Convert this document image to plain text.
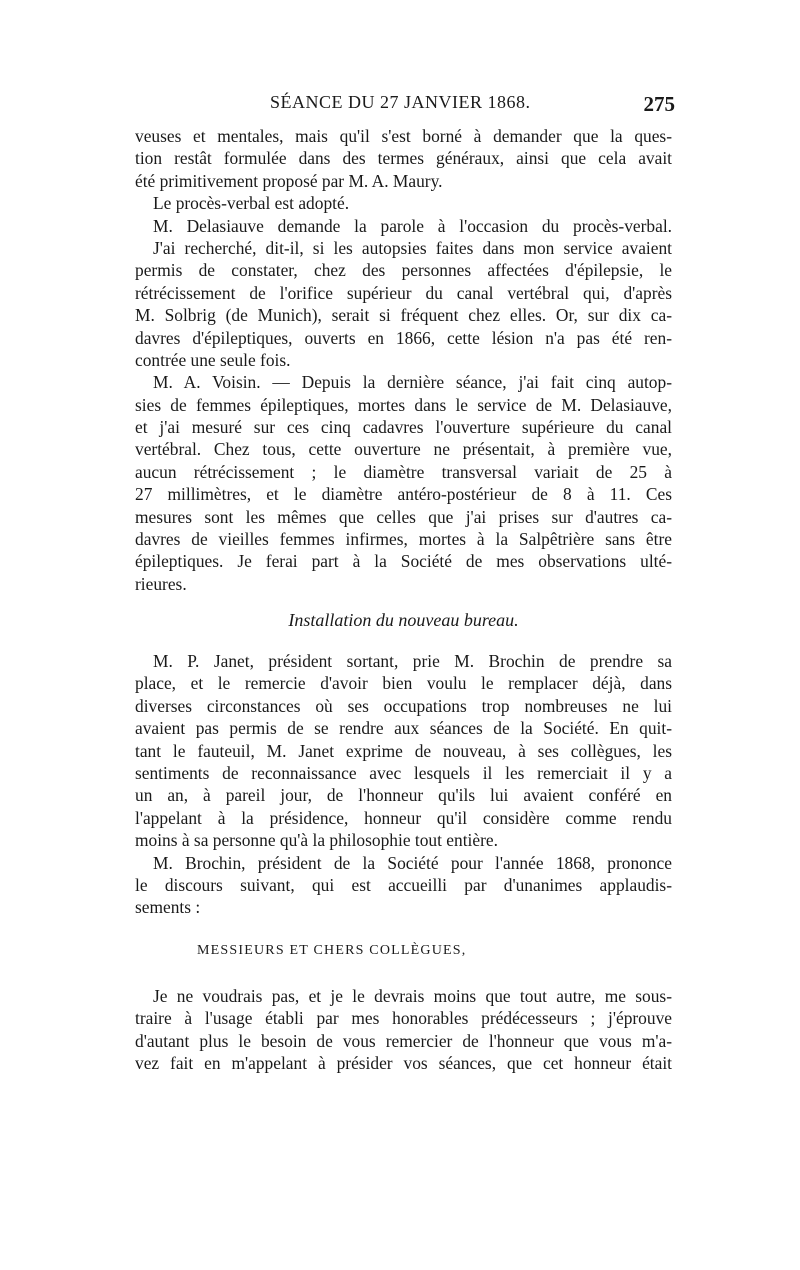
SÉANCE DU 27 JANVIER 1868.	275
veuses et mentales, mais qu'il s'est borné à demander que la ques-
tion restât formulée dans des termes généraux, ainsi que cela avait
été primitivement proposé par M. A. Maury.
Le procès-verbal est adopté.
M. Delasiauve demande la parole à l'occasion du procès-verbal.
J'ai recherché, dit-il, si les autopsies faites dans mon service avaient
permis de constater, chez des personnes affectées d'épilepsie, le
rétrécissement de l'orifice supérieur du canal vertébral qui, d'après
M. Solbrig (de Munich), serait si fréquent chez elles. Or, sur dix ca-
davres d'épileptiques, ouverts en 1866, cette lésion n'a pas été ren-
contrée une seule fois.
M. A. Voisin. — Depuis la dernière séance, j'ai fait cinq autop-
sies de femmes épileptiques, mortes dans le service de M. Delasiauve,
et j'ai mesuré sur ces cinq cadavres l'ouverture supérieure du canal
vertébral. Chez tous, cette ouverture ne présentait, à première vue,
aucun rétrécissement ; le diamètre transversal variait de 25 à
27 millimètres, et le diamètre antéro-postérieur de 8 à 11. Ces
mesures sont les mêmes que celles que j'ai prises sur d'autres ca-
davres de vieilles femmes infirmes, mortes à la Salpêtrière sans être
épileptiques. Je ferai part à la Société de mes observations ulté-
rieures.
Installation du nouveau bureau.
M. P. Janet, président sortant, prie M. Brochin de prendre sa
place, et le remercie d'avoir bien voulu le remplacer déjà, dans
diverses circonstances où ses occupations trop nombreuses ne lui
avaient pas permis de se rendre aux séances de la Société. En quit-
tant le fauteuil, M. Janet exprime de nouveau, à ses collègues, les
sentiments de reconnaissance avec lesquels il les remerciait il y a
un an, à pareil jour, de l'honneur qu'ils lui avaient conféré en
l'appelant à la présidence, honneur qu'il considère comme rendu
moins à sa personne qu'à la philosophie tout entière.
M. Brochin, président de la Société pour l'année 1868, prononce
le discours suivant, qui est accueilli par d'unanimes applaudis-
sements :
MESSIEURS ET CHERS COLLÈGUES,
Je ne voudrais pas, et je le devrais moins que tout autre, me sous-
traire à l'usage établi par mes honorables prédécesseurs ; j'éprouve
d'autant plus le besoin de vous remercier de l'honneur que vous m'a-
vez fait en m'appelant à présider vos séances, que cet honneur était
